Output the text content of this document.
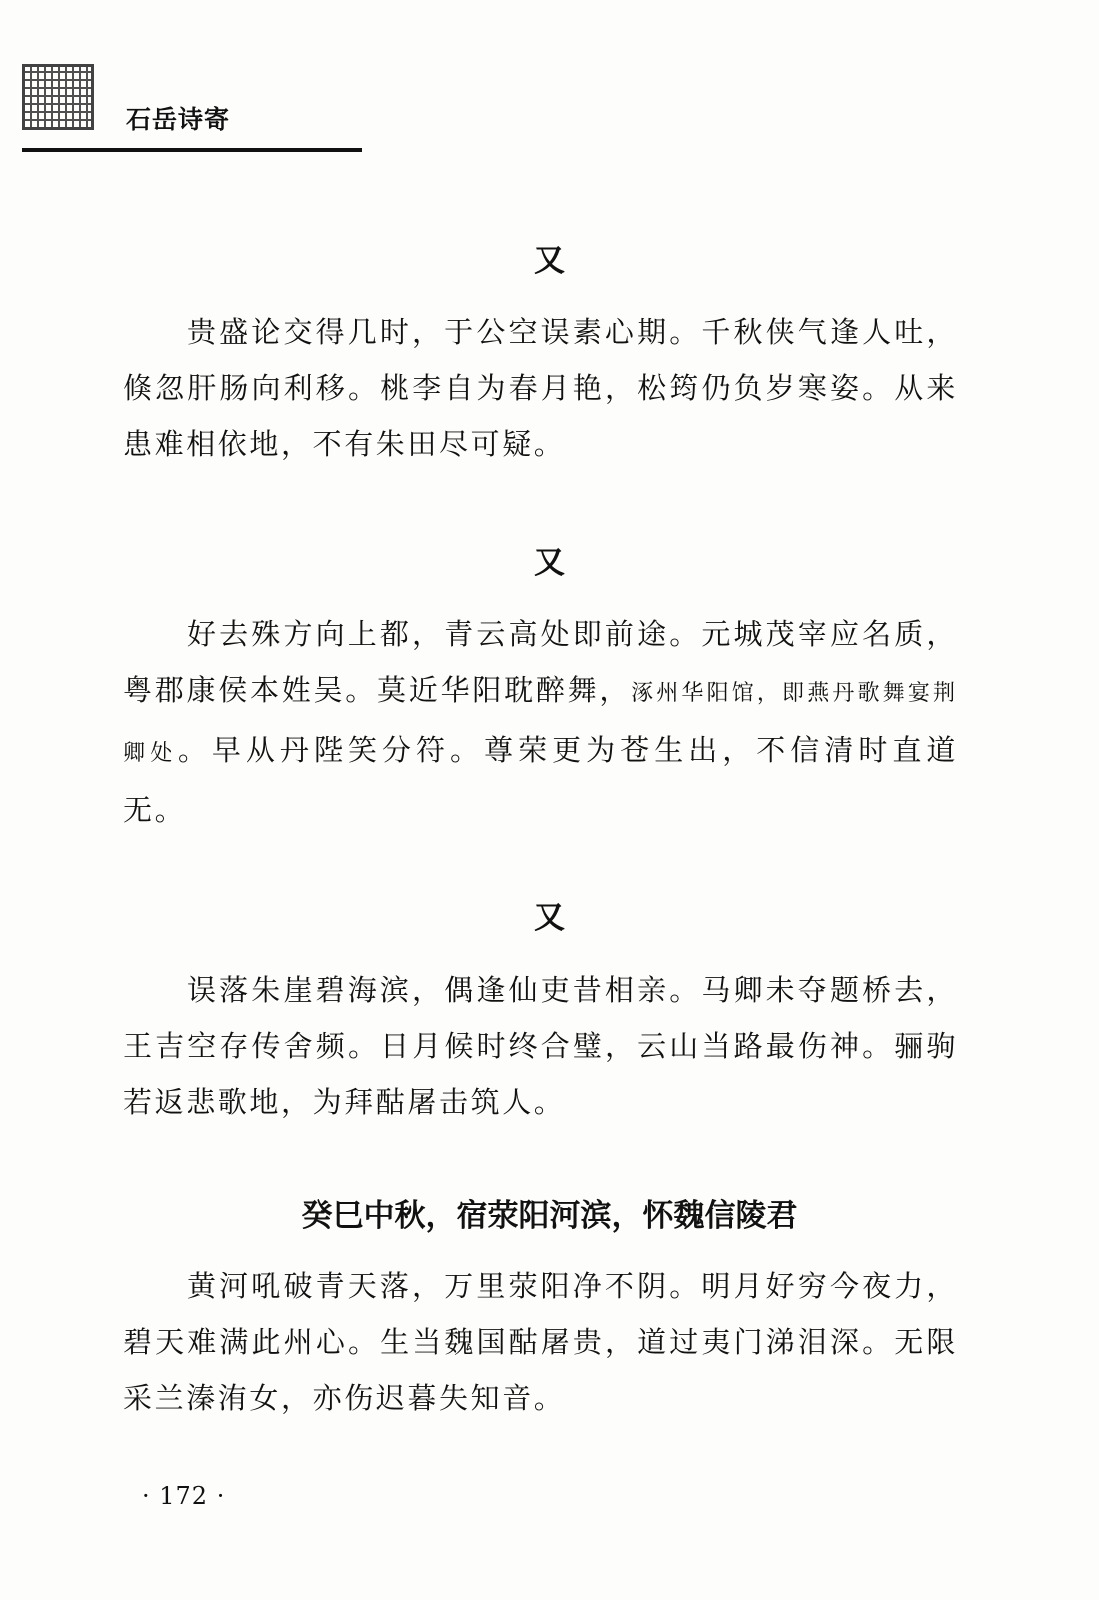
石岳诗寄
又
贵盛论交得几时，于公空误素心期。千秋侠气逢人吐，倏忽肝肠向利移。桃李自为春月艳，松筠仍负岁寒姿。从来患难相依地，不有朱田尽可疑。
又
好去殊方向上都，青云高处即前途。元城茂宰应名质，粤郡康侯本姓吴。莫近华阳耽醉舞，涿州华阳馆，即燕丹歌舞宴荆卿处。早从丹陛笑分符。尊荣更为苍生出，不信清时直道无。
又
误落朱崖碧海滨，偶逢仙吏昔相亲。马卿未夺题桥去，王吉空存传舍频。日月候时终合璧，云山当路最伤神。骊驹若返悲歌地，为拜酤屠击筑人。
癸巳中秋，宿荥阳河滨，怀魏信陵君
黄河吼破青天落，万里荥阳净不阴。明月好穷今夜力，碧天难满此州心。生当魏国酤屠贵，道过夷门涕泪深。无限采兰溱洧女，亦伤迟暮失知音。
· 172 ·
